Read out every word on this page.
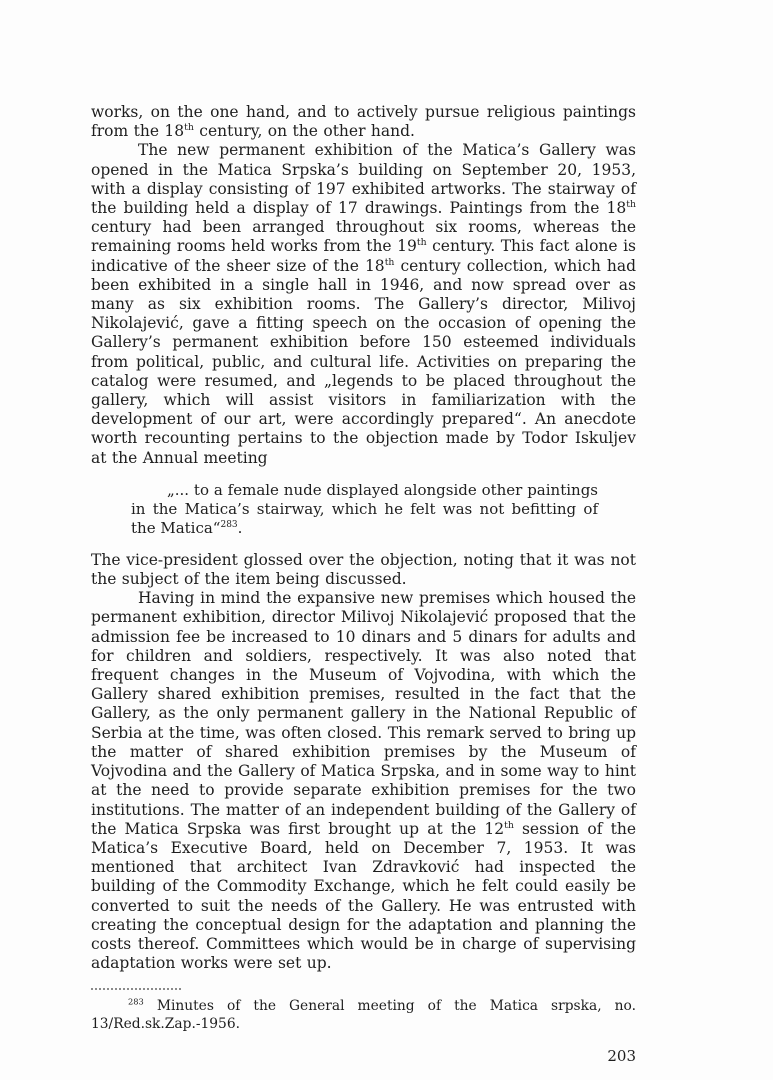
works, on the one hand, and to actively pursue religious paintings from the 18th century, on the other hand.

The new permanent exhibition of the Matica’s Gallery was opened in the Matica Srpska’s building on September 20, 1953, with a display consisting of 197 exhibited artworks. The stairway of the building held a display of 17 drawings. Paintings from the 18th century had been arranged throughout six rooms, whereas the remaining rooms held works from the 19th century. This fact alone is indicative of the sheer size of the 18th century collection, which had been exhibited in a single hall in 1946, and now spread over as many as six exhibition rooms. The Gallery’s director, Milivoj Nikolajević, gave a fitting speech on the occasion of opening the Gallery’s permanent exhibition before 150 esteemed individuals from political, public, and cultural life. Activities on preparing the catalog were resumed, and „legends to be placed throughout the gallery, which will assist visitors in familiarization with the development of our art, were accordingly prepared“. An anecdote worth recounting pertains to the objection made by Todor Iskuljev at the Annual meeting

„... to a female nude displayed alongside other paintings in the Matica’s stairway, which he felt was not befitting of the Matica“$^{283}$.

The vice-president glossed over the objection, noting that it was not the subject of the item being discussed.

Having in mind the expansive new premises which housed the permanent exhibition, director Milivoj Nikolajević proposed that the admission fee be increased to 10 dinars and 5 dinars for adults and for children and soldiers, respectively. It was also noted that frequent changes in the Museum of Vojvodina, with which the Gallery shared exhibition premises, resulted in the fact that the Gallery, as the only permanent gallery in the National Republic of Serbia at the time, was often closed. This remark served to bring up the matter of shared exhibition premises by the Museum of Vojvodina and the Gallery of Matica Srpska, and in some way to hint at the need to provide separate exhibition premises for the two institutions. The matter of an independent building of the Gallery of the Matica Srpska was first brought up at the 12th session of the Matica’s Executive Board, held on December 7, 1953. It was mentioned that architect Ivan Zdravković had inspected the building of the Commodity Exchange, which he felt could easily be converted to suit the needs of the Gallery. He was entrusted with creating the conceptual design for the adaptation and planning the costs thereof. Committees which would be in charge of supervising adaptation works were set up.

$^{283}$ Minutes of the General meeting of the Matica srpska, no. 13/Red.sk.Zap.-1956.

203
